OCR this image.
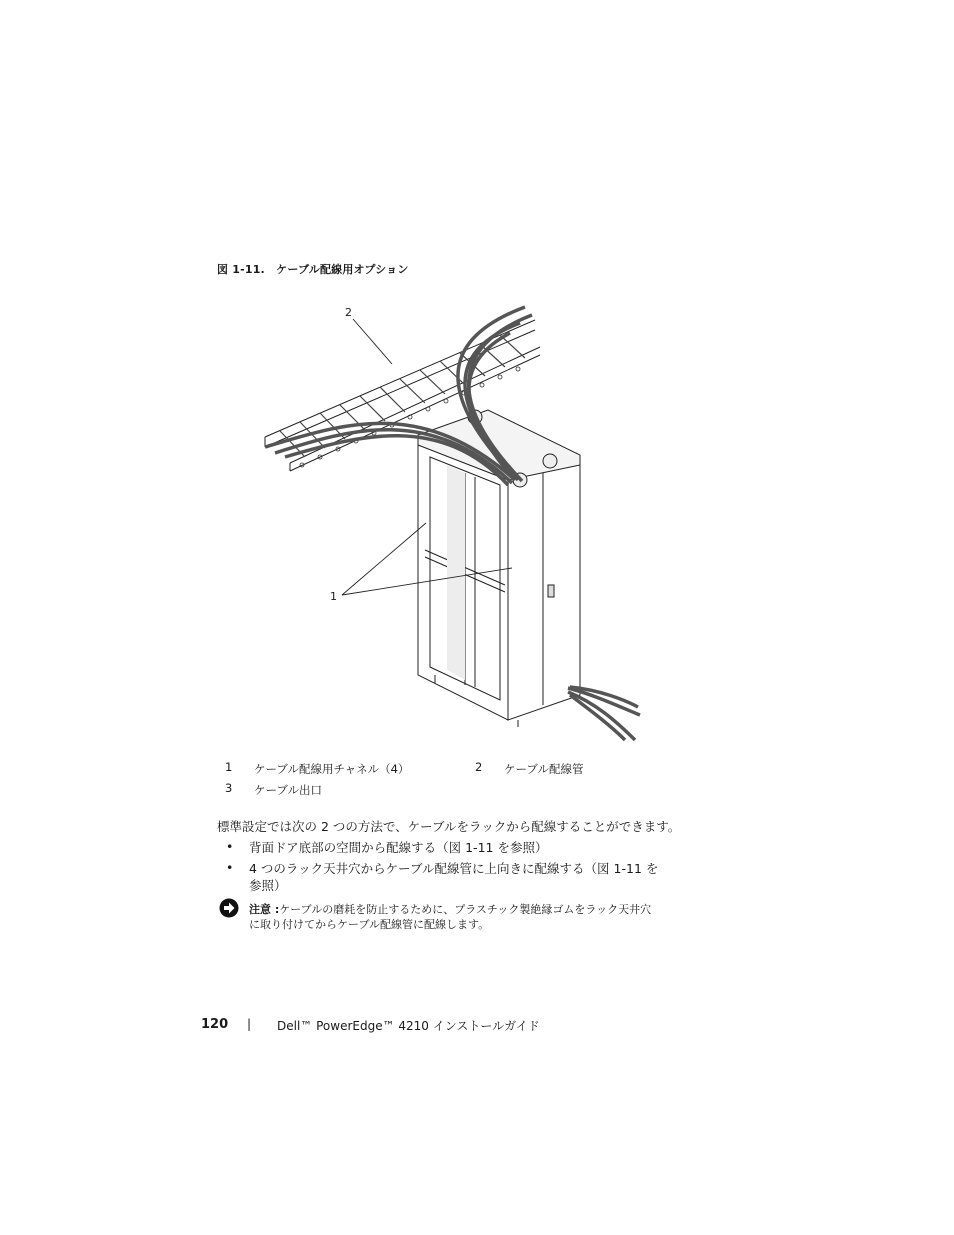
図 1-11.　ケーブル配線用オプション
2
1
1 ケーブル配線用チャネル（4）	2 ケーブル配線管
3 ケーブル出口
標準設定では次の 2 つの方法で、ケーブルをラックから配線することができます。
• 背面ドア底部の空間から配線する（図 1-11 を参照）
• 4 つのラック天井穴からケーブル配線管に上向きに配線する（図 1-11 を
参照）
注意 :ケーブルの磨耗を防止するために、プラスチック製絶縁ゴムをラック天井穴
に取り付けてからケーブル配線管に配線します。
120 | Dell™ PowerEdge™ 4210 インストールガイド
